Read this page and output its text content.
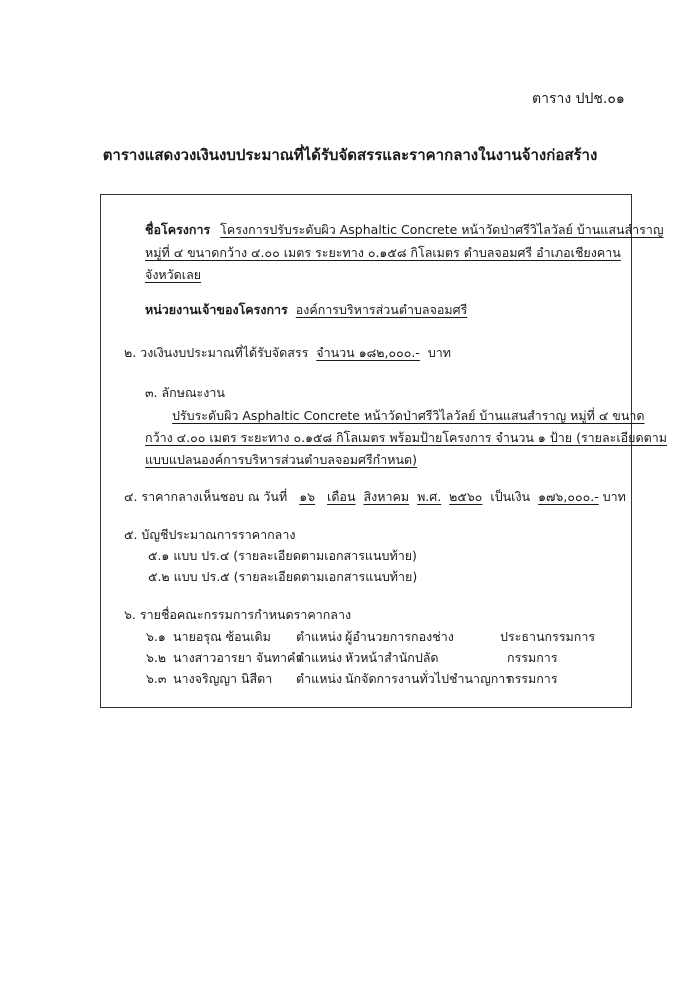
ตาราง ปปช.๐๑
ตารางแสดงวงเงินงบประมาณที่ได้รับจัดสรรและราคากลางในงานจ้างก่อสร้าง
ชื่อโครงการ โครงการปรับระดับผิว Asphaltic Concrete หน้าวัดป่าศรีวิไลวัลย์ บ้านแสนสำราญ
หมู่ที่ ๔ ขนาดกว้าง ๔.๐๐ เมตร ระยะทาง ๐.๑๕๘ กิโลเมตร ตำบลจอมศรี อำเภอเชียงคาน
จังหวัดเลย
หน่วยงานเจ้าของโครงการ องค์การบริหารส่วนตำบลจอมศรี
๒. วงเงินงบประมาณที่ได้รับจัดสรร จำนวน ๑๘๒,๐๐๐.- บาท
๓. ลักษณะงาน
ปรับระดับผิว Asphaltic Concrete หน้าวัดป่าศรีวิไลวัลย์ บ้านแสนสำราญ หมู่ที่ ๔ ขนาด
กว้าง ๔.๐๐ เมตร ระยะทาง ๐.๑๕๘ กิโลเมตร พร้อมป้ายโครงการ จำนวน ๑ ป้าย (รายละเอียดตาม
แบบแปลนองค์การบริหารส่วนตำบลจอมศรีกำหนด)
๔. ราคากลางเห็นชอบ ณ วันที่ ๑๖ เดือน สิงหาคม พ.ศ. ๒๕๖๐ เป็นเงิน ๑๗๖,๐๐๐.- บาท
๕. บัญชีประมาณการราคากลาง
๕.๑ แบบ ปร.๔ (รายละเอียดตามเอกสารแนบท้าย)
๕.๒ แบบ ปร.๕ (รายละเอียดตามเอกสารแนบท้าย)
๖. รายชื่อคณะกรรมการกำหนดราคากลาง
๖.๑ นายอรุณ ซ้อนเดิม ตำแหน่ง ผู้อำนวยการกองช่าง	ประธานกรรมการ
๖.๒ นางสาวอารยา จันทาคำ
ตำแหน่ง หัวหน้าสำนักปลัด	กรรมการ
๖.๓ นางจริญญา นิสีดา ตำแหน่ง นักจัดการงานทั่วไปชำนาญการ
กรรมการ
